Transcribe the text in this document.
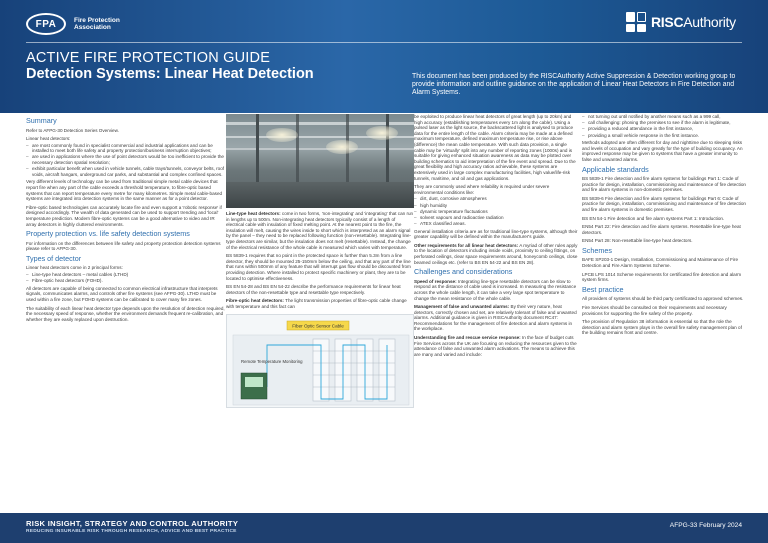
FPA	Fire Protection
Association	RISCAuthority
ACTIVE FIRE PROTECTION GUIDE
Detection Systems: Linear Heat Detection	This document has been produced by the RISCAuthority Active Suppression & Detection working group to provide information and outline guidance on the application of Linear Heat Detectors in Fire Detection and Alarm Systems.
Summary

Refer to AFPG-30 Detection Series Overview.

Linear heat detectors:

– are most commonly found in specialist commercial and industrial applications and can be installed to meet both life safety and property protection/business interruption objectives;
– are used in applications where the use of point detectors would be too inefficient to provide the necessary detection spatial resolution;
– exhibit particular benefit when used in vehicle tunnels, cable trays/tunnels, conveyor belts, roof voids, aircraft hangars, underground car parks, and substantial and complex confined spaces.

Very different levels of technology can be used from traditional simple metal cable devices that report fire when any part of the cable exceeds a threshold temperature, to fibre-optic based systems that can report temperature every metre for many kilometres. Simple metal cable-based systems are integrated into detection systems in the same manner as for a point detector.

Fibre-optic based technologies can accurately locate fire and even support a 'robotic response' if designed accordingly. The wealth of data generated can be used to support trending and 'local' temperature prediction. Modern fibre-optic systems can be a good alternative to video and IR array detectors in highly cluttered environments.

Property protection vs. life safety detection systems

For information on the differences between life safety and property protection detection systems please refer to AFPG-30.

Types of detector

Linear heat detectors come in 2 principal forms:

– Line-type heat detectors – metal cables (LTHD)
– Fibre-optic heat detectors (FOHD).

All detectors are capable of being connected to common electrical infrastructure that interprets signals, communicates alarms, and controls other fire systems (see AFPG-30). LTHD must be used within a fire zone, but FOHD systems can be calibrated to cover many fire zones.

The suitability of each linear heat detector type depends upon the resolution of detection required, the necessary speed of response, whether the environment demands frequent re-calibration, and whether they are easily replaced upon destruction.

Line-type heat detectors: come in two forms, 'non-integrating' and 'integrating' that can run in lengths up to 500m. Non-integrating heat detectors typically consist of a length of electrical cable with insulation of fixed melting point. At the nearest point to the fire, the insulation will melt, causing the wires inside to short which is interpreted as an alarm signal by the panel – they need to be replaced following function (non-resettable). Integrating line-type detectors are similar, but the insulation does not melt (resettable). Instead, the change of the electrical resistance of the whole cable is measured which varies with temperature.

BS 5839-1 requires that no point in the protected space is further than 5.3m from a line detector, they should be mounted 25-150mm below the ceiling, and that any part of the line that runs within 500mm of any feature that will interrupt gas flow should be discounted from providing detection. Where installed to protect specific machinery or plant, they are to be located to optimise effectiveness.

BS EN 54-28 and BS EN 54-22 describe the performance requirements for linear heat detectors of the non-resettable type and resettable type respectively.

Fibre-optic heat detectors: The light transmission properties of fibre-optic cable change with temperature and this fact can

Fiber Optic Sensor Cable
Remote Temperature Monitoring

be exploited to produce linear heat detectors of great length (up to 20km) and high accuracy (establishing temperatures every 1m along the cable). Using a pulsed laser as the light source, the backscattered light is analysed to produce data for the entire length of the cable. Alarm criteria may be made at a defined maximum temperature, defined maximum temperature rise, or rise above (difference) the mean cable temperature. With such data provision, a single cable may be 'virtually' split into any number of reporting zones (1000s) and is suitable for giving enhanced situation awareness as data may be plotted over building schematics to aid interpretation of the fire event and spread. Due to the great flexibility and high accuracy ratios achievable, these systems are extensively used in large complex manufacturing facilities, high value/life-risk tunnels, maritime, and oil and gas applications.

They are commonly used where reliability is required under severe environmental conditions like:

– dirt, dust, corrosive atmospheres
– high humidity
– dynamic temperature fluctuations
– solvent vapours and radioactive radiation
– ATEX classified areas.

General installation criteria are as for traditional line-type systems, although their greater capability will be defined within the manufacturer's guide.

Other requirements for all linear heat detectors: A myriad of other rules apply to the location of detectors including inside voids, proximity to ceiling fittings, on perforated ceilings, clear space requirements around, honeycomb ceilings, close beamed ceilings etc. (refer to BS EN 54-22 and BS EN 28).

Challenges and considerations

Speed of response: Integrating line-type resettable detectors can be slow to respond as the distance of cable used is increased. In measuring the resistance across the whole cable length, it can take a very large spot temperature to change the mean resistance of the whole cable.

Management of false and unwanted alarms: By their very nature, heat detectors, correctly chosen and set, are relatively tolerant of false and unwanted alarms. Additional guidance is given in RISCAuthority document RC47: Recommendations for the management of fire detection and alarm systems in the workplace.

Understanding fire and rescue service response: In the face of budget cuts Fire Services across the UK are focusing on reducing the resources given to the attendance of false and unwanted alarm activations. The means to achieve this are many and varied and include:

– not turning out until notified by another means such as a 999 call,
– call challenging: phoning the premises to see if the alarm is legitimate,
– providing a reduced attendance in the first instance,
– providing a small vehicle response in the first instance.

Methods adopted are often different for day and nighttime due to sleeping risks and levels of occupation and vary greatly for the type of building occupancy. An improved response may be given to systems that have a greater immunity to false and unwanted alarms.

Applicable standards

BS 5839-1 Fire detection and fire alarm systems for buildings Part 1: Code of practice for design, installation, commissioning and maintenance of fire detection and fire alarm systems in non-domestic premises.

BS 5839-6 Fire detection and fire alarm systems for buildings Part 6: Code of practice for design, installation, commissioning and maintenance of fire detection and fire alarm systems in domestic premises.

BS EN 54-1 Fire detection and fire alarm systems Part 1: Introduction.

EN54 Part 22: Fire detection and fire alarm systems. Resettable line-type heat detectors.

EN54 Part 28: Non-resettable line-type heat detectors.

Schemes

BAFE SP203-1 Design, Installation, Commissioning and Maintenance of Fire Detection and Fire Alarm Systems Scheme.

LPCB LPS 1014 Scheme requirements for certificated fire detection and alarm system firms.

Best practice

All providers of systems should be third party certificated to approved schemes.

Fire Services should be consulted on their requirements and necessary provisions for supporting the fire safety of the property.

The provision of Regulation 38 information is essential so that the role the detection and alarm system plays in the overall fire safety management plan of the building remains front and centre.

RISK INSIGHT, STRATEGY AND CONTROL AUTHORITY
REDUCING INSURABLE RISK THROUGH RESEARCH, ADVICE AND BEST PRACTICE
AFPG-33 February 2024
